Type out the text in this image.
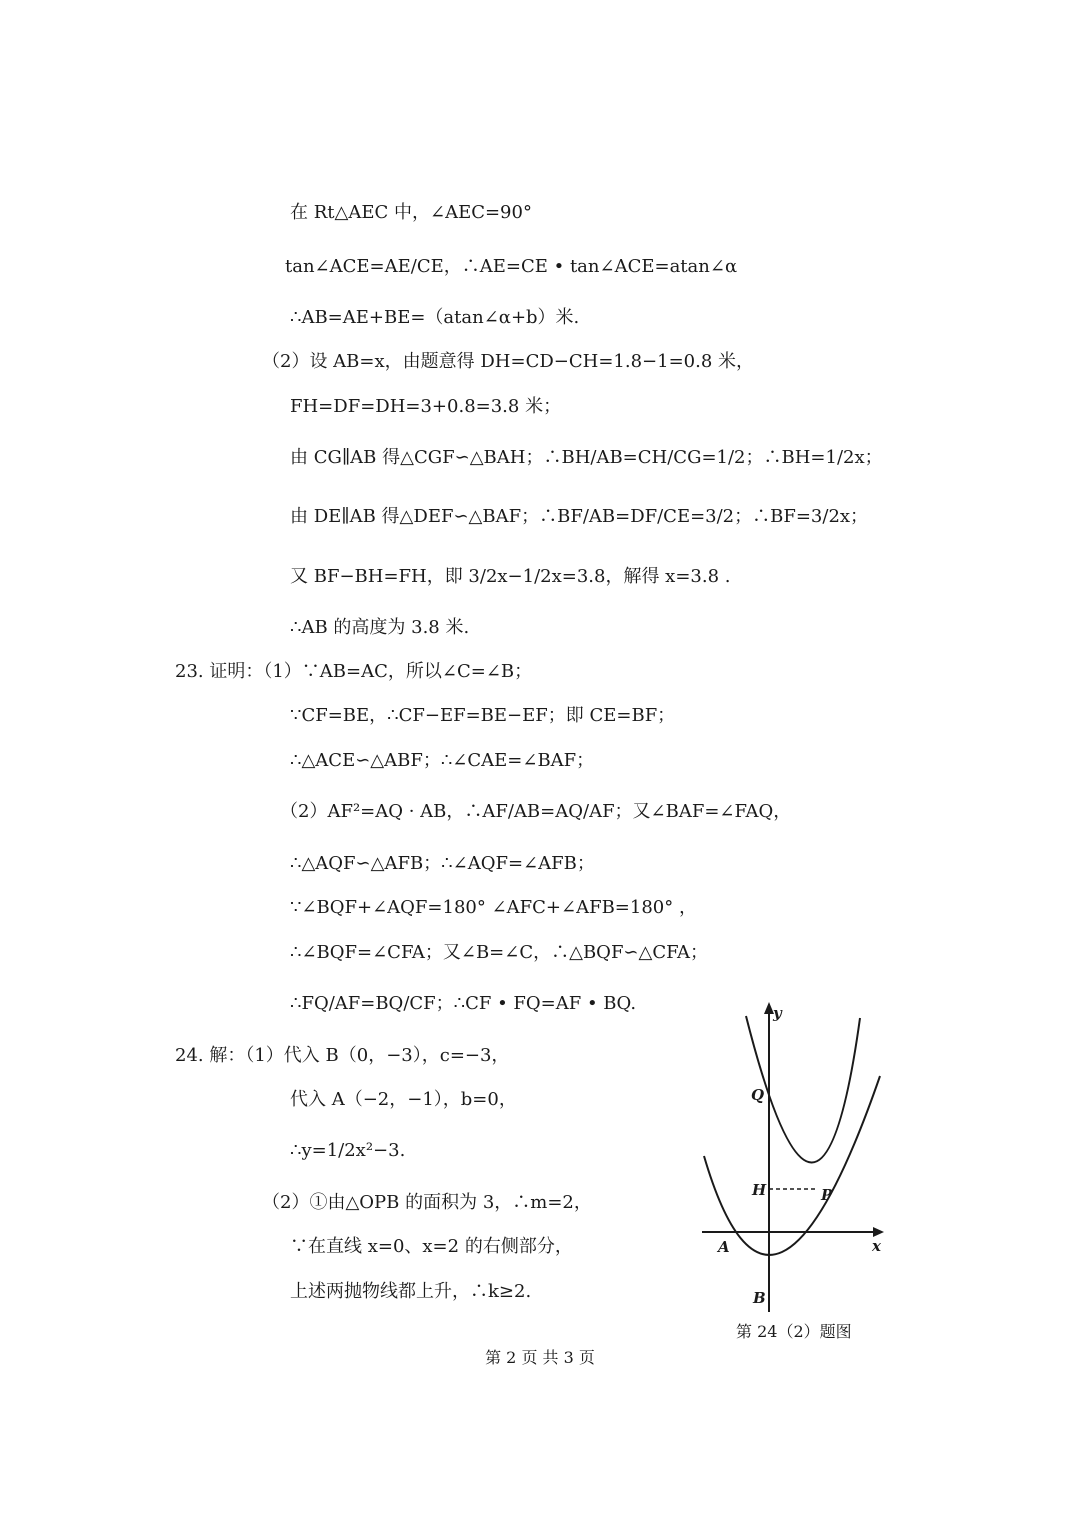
在 Rt△AEC 中，∠AEC=90°
tan∠ACE=AE/CE，∴AE=CE • tan∠ACE=atan∠α
∴AB=AE+BE=（atan∠α+b）米.
（2）设 AB=x，由题意得 DH=CD−CH=1.8−1=0.8 米，
FH=DF=DH=3+0.8=3.8 米；
由 CG∥AB 得△CGF∽△BAH；∴BH/AB=CH/CG=1/2；∴BH=1/2x；
由 DE∥AB 得△DEF∽△BAF；∴BF/AB=DF/CE=3/2；∴BF=3/2x；
又 BF−BH=FH，即 3/2x−1/2x=3.8，解得 x=3.8 .
∴AB 的高度为 3.8 米.
23. 证明：（1）∵AB=AC，所以∠C=∠B；
∵CF=BE，∴CF−EF=BE−EF；即 CE=BF；
∴△ACE∽△ABF；∴∠CAE=∠BAF；
（2）AF²=AQ · AB，∴AF/AB=AQ/AF；又∠BAF=∠FAQ，
∴△AQF∽△AFB；∴∠AQF=∠AFB；
∵∠BQF+∠AQF=180° ∠AFC+∠AFB=180° ，
∴∠BQF=∠CFA；又∠B=∠C，∴△BQF∽△CFA；
∴FQ/AF=BQ/CF；∴CF • FQ=AF • BQ.
24. 解：（1）代入 B（0，−3），c=−3，
代入 A（−2，−1），b=0，
∴y=1/2x²−3.
（2）①由△OPB 的面积为 3，∴m=2，
∵在直线 x=0、x=2 的右侧部分，
上述两抛物线都上升，∴k≥2.
y
x
Q
H	P
A
B
第 24（2）题图
第 2 页 共 3 页
